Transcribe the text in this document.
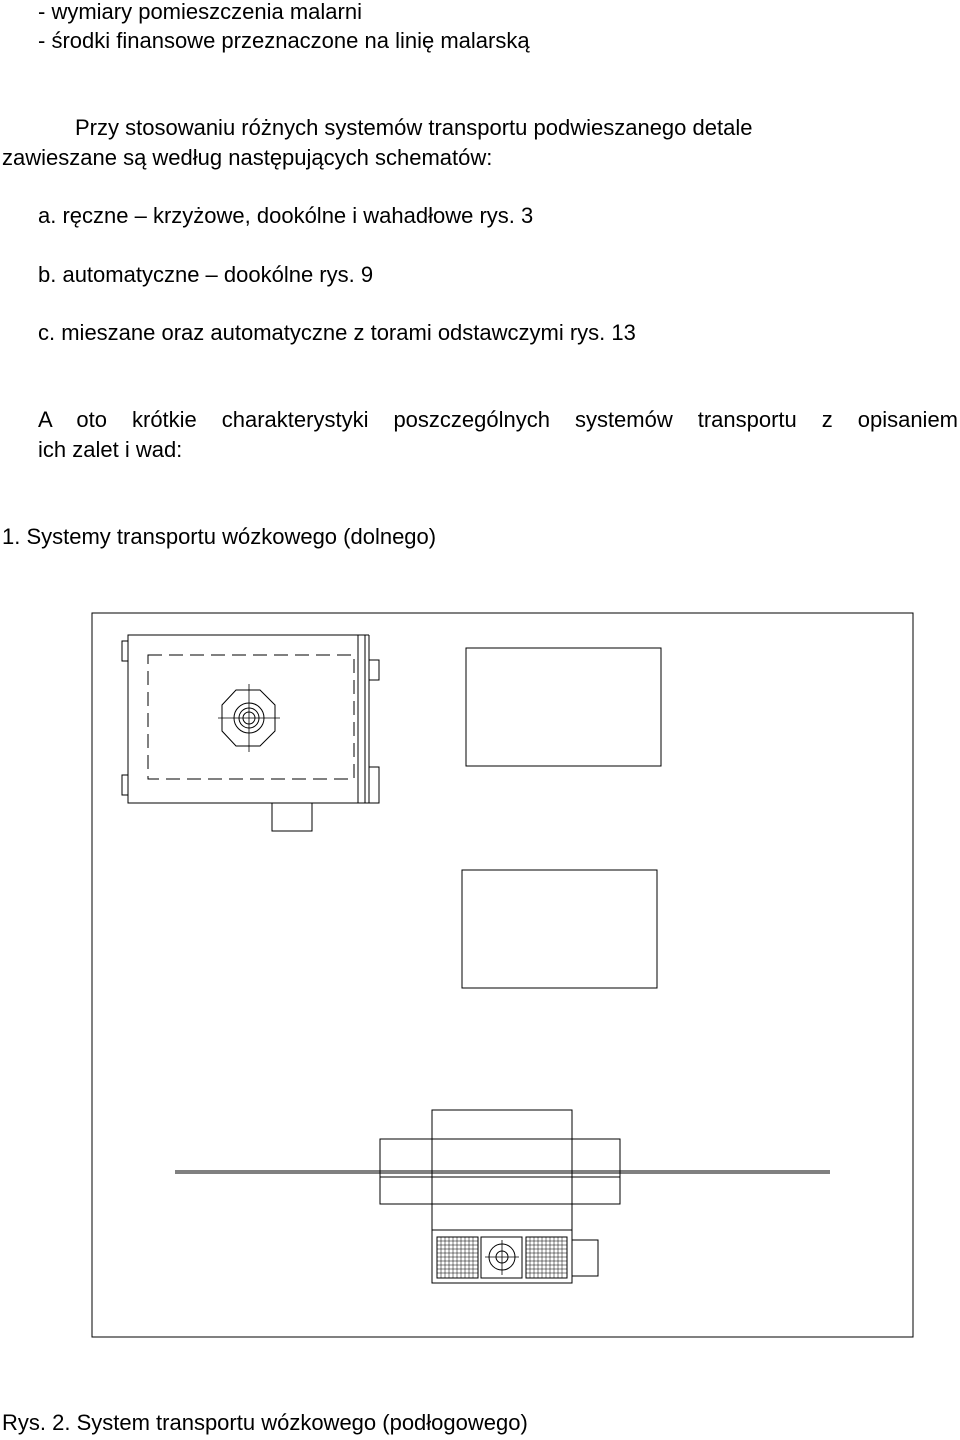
- wymiary pomieszczenia malarni
- środki finansowe przeznaczone na linię malarską
Przy stosowaniu różnych systemów transportu podwieszanego detale
zawieszane są według następujących schematów:
a. ręczne – krzyżowe, dookólne i wahadłowe rys. 3
b. automatyczne – dookólne rys. 9
c. mieszane oraz automatyczne z torami odstawczymi rys. 13
A oto krótkie charakterystyki poszczególnych systemów transportu z opisaniem
ich zalet i wad:
1. Systemy transportu wózkowego (dolnego)
Rys. 2. System transportu wózkowego (podłogowego)
